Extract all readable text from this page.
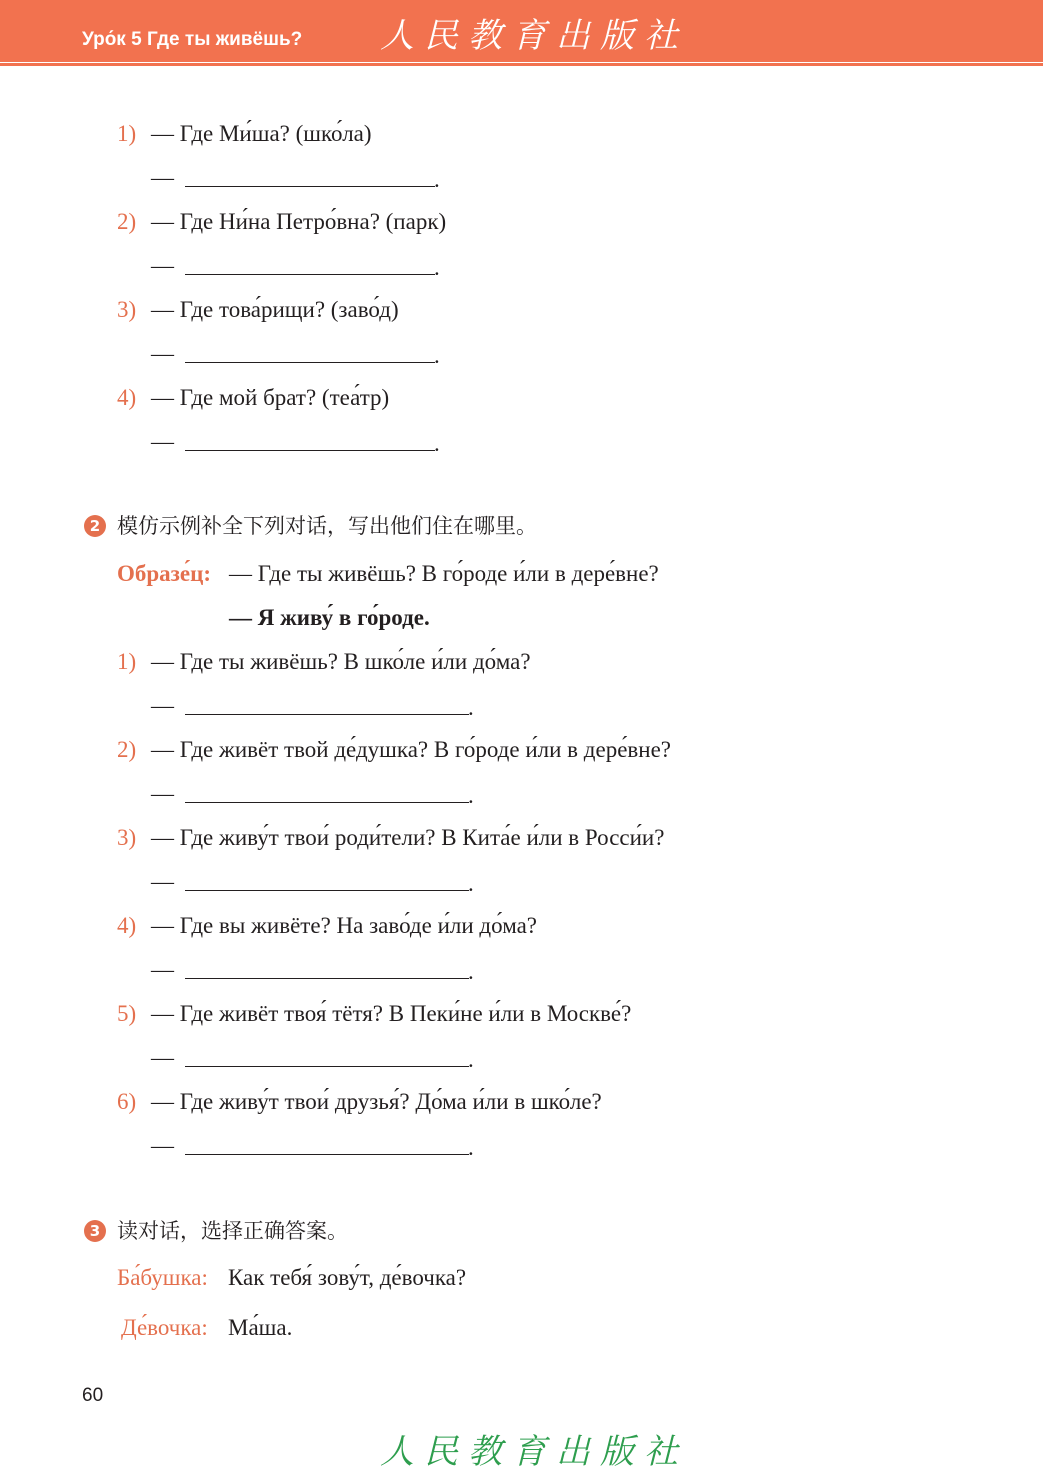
Уро́к 5 Где ты живёшь? 人民教育出版社
1) — Где Ми́ша? (шко́ла)
—	.
2) — Где Ни́на Петро́вна? (парк)
—	.
3) — Где това́рищи? (заво́д)
—	.
4) — Где мой брат? (теа́тр)
—	.
2 模仿示例补全下列对话，写出他们住在哪里。
Образе́ц: — Где ты живёшь? В го́роде и́ли в дере́вне?
— Я живу́ в го́роде.
1) — Где ты живёшь? В шко́ле и́ли до́ма?
—	.
2) — Где живёт твой де́душка? В го́роде и́ли в дере́вне?
—	.
3) — Где живу́т твои́ роди́тели? В Кита́е и́ли в Росси́и?
—	.
4) — Где вы живёте? На заво́де и́ли до́ма?
—	.
5) — Где живёт твоя́ тётя? В Пеки́не и́ли в Москве́?
—	.
6) — Где живу́т твои́ друзья́? До́ма и́ли в шко́ле?
—	.
3 读对话，选择正确答案。
Ба́бушка: Как тебя́ зову́т, де́вочка?
Де́вочка: Ма́ша.
60
人民教育出版社
